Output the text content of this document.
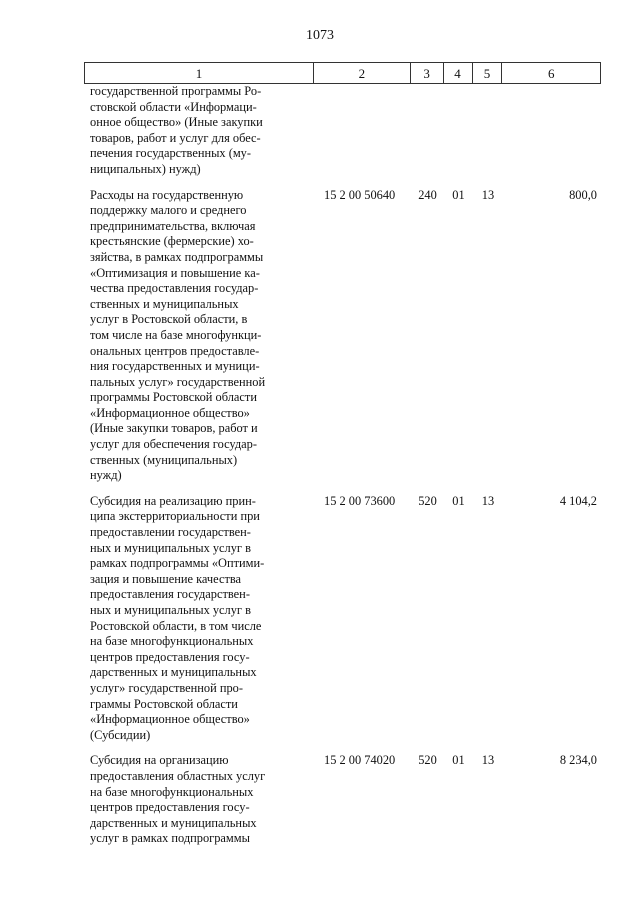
1073
1	2	3	4	5	6
государственной программы Ро-
стовской области «Информаци-
онное общество» (Иные закупки
товаров, работ и услуг для обес-
печения государственных (му-
ниципальных) нужд)
Расходы на государственную
поддержку малого и среднего
предпринимательства, включая
крестьянские (фермерские) хо-
зяйства, в рамках подпрограммы
«Оптимизация и повышение ка-
чества предоставления государ-
ственных и муниципальных
услуг в Ростовской области, в
том числе на базе многофункци-
ональных центров предоставле-
ния государственных и муници-
пальных услуг» государственной
программы Ростовской области
«Информационное общество»
(Иные закупки товаров, работ и
услуг для обеспечения государ-
ственных (муниципальных)
нужд)
15 2 00 50640	240	01	13	800,0
Субсидия на реализацию прин-
ципа экстерриториальности при
предоставлении государствен-
ных и муниципальных услуг в
рамках подпрограммы «Оптими-
зация и повышение качества
предоставления государствен-
ных и муниципальных услуг в
Ростовской области, в том числе
на базе многофункциональных
центров предоставления госу-
дарственных и муниципальных
услуг» государственной про-
граммы Ростовской области
«Информационное общество»
(Субсидии)
15 2 00 73600	520	01	13	4 104,2
Субсидия на организацию
предоставления областных услуг
на базе многофункциональных
центров предоставления госу-
дарственных и муниципальных
услуг в рамках подпрограммы
15 2 00 74020	520	01	13	8 234,0
